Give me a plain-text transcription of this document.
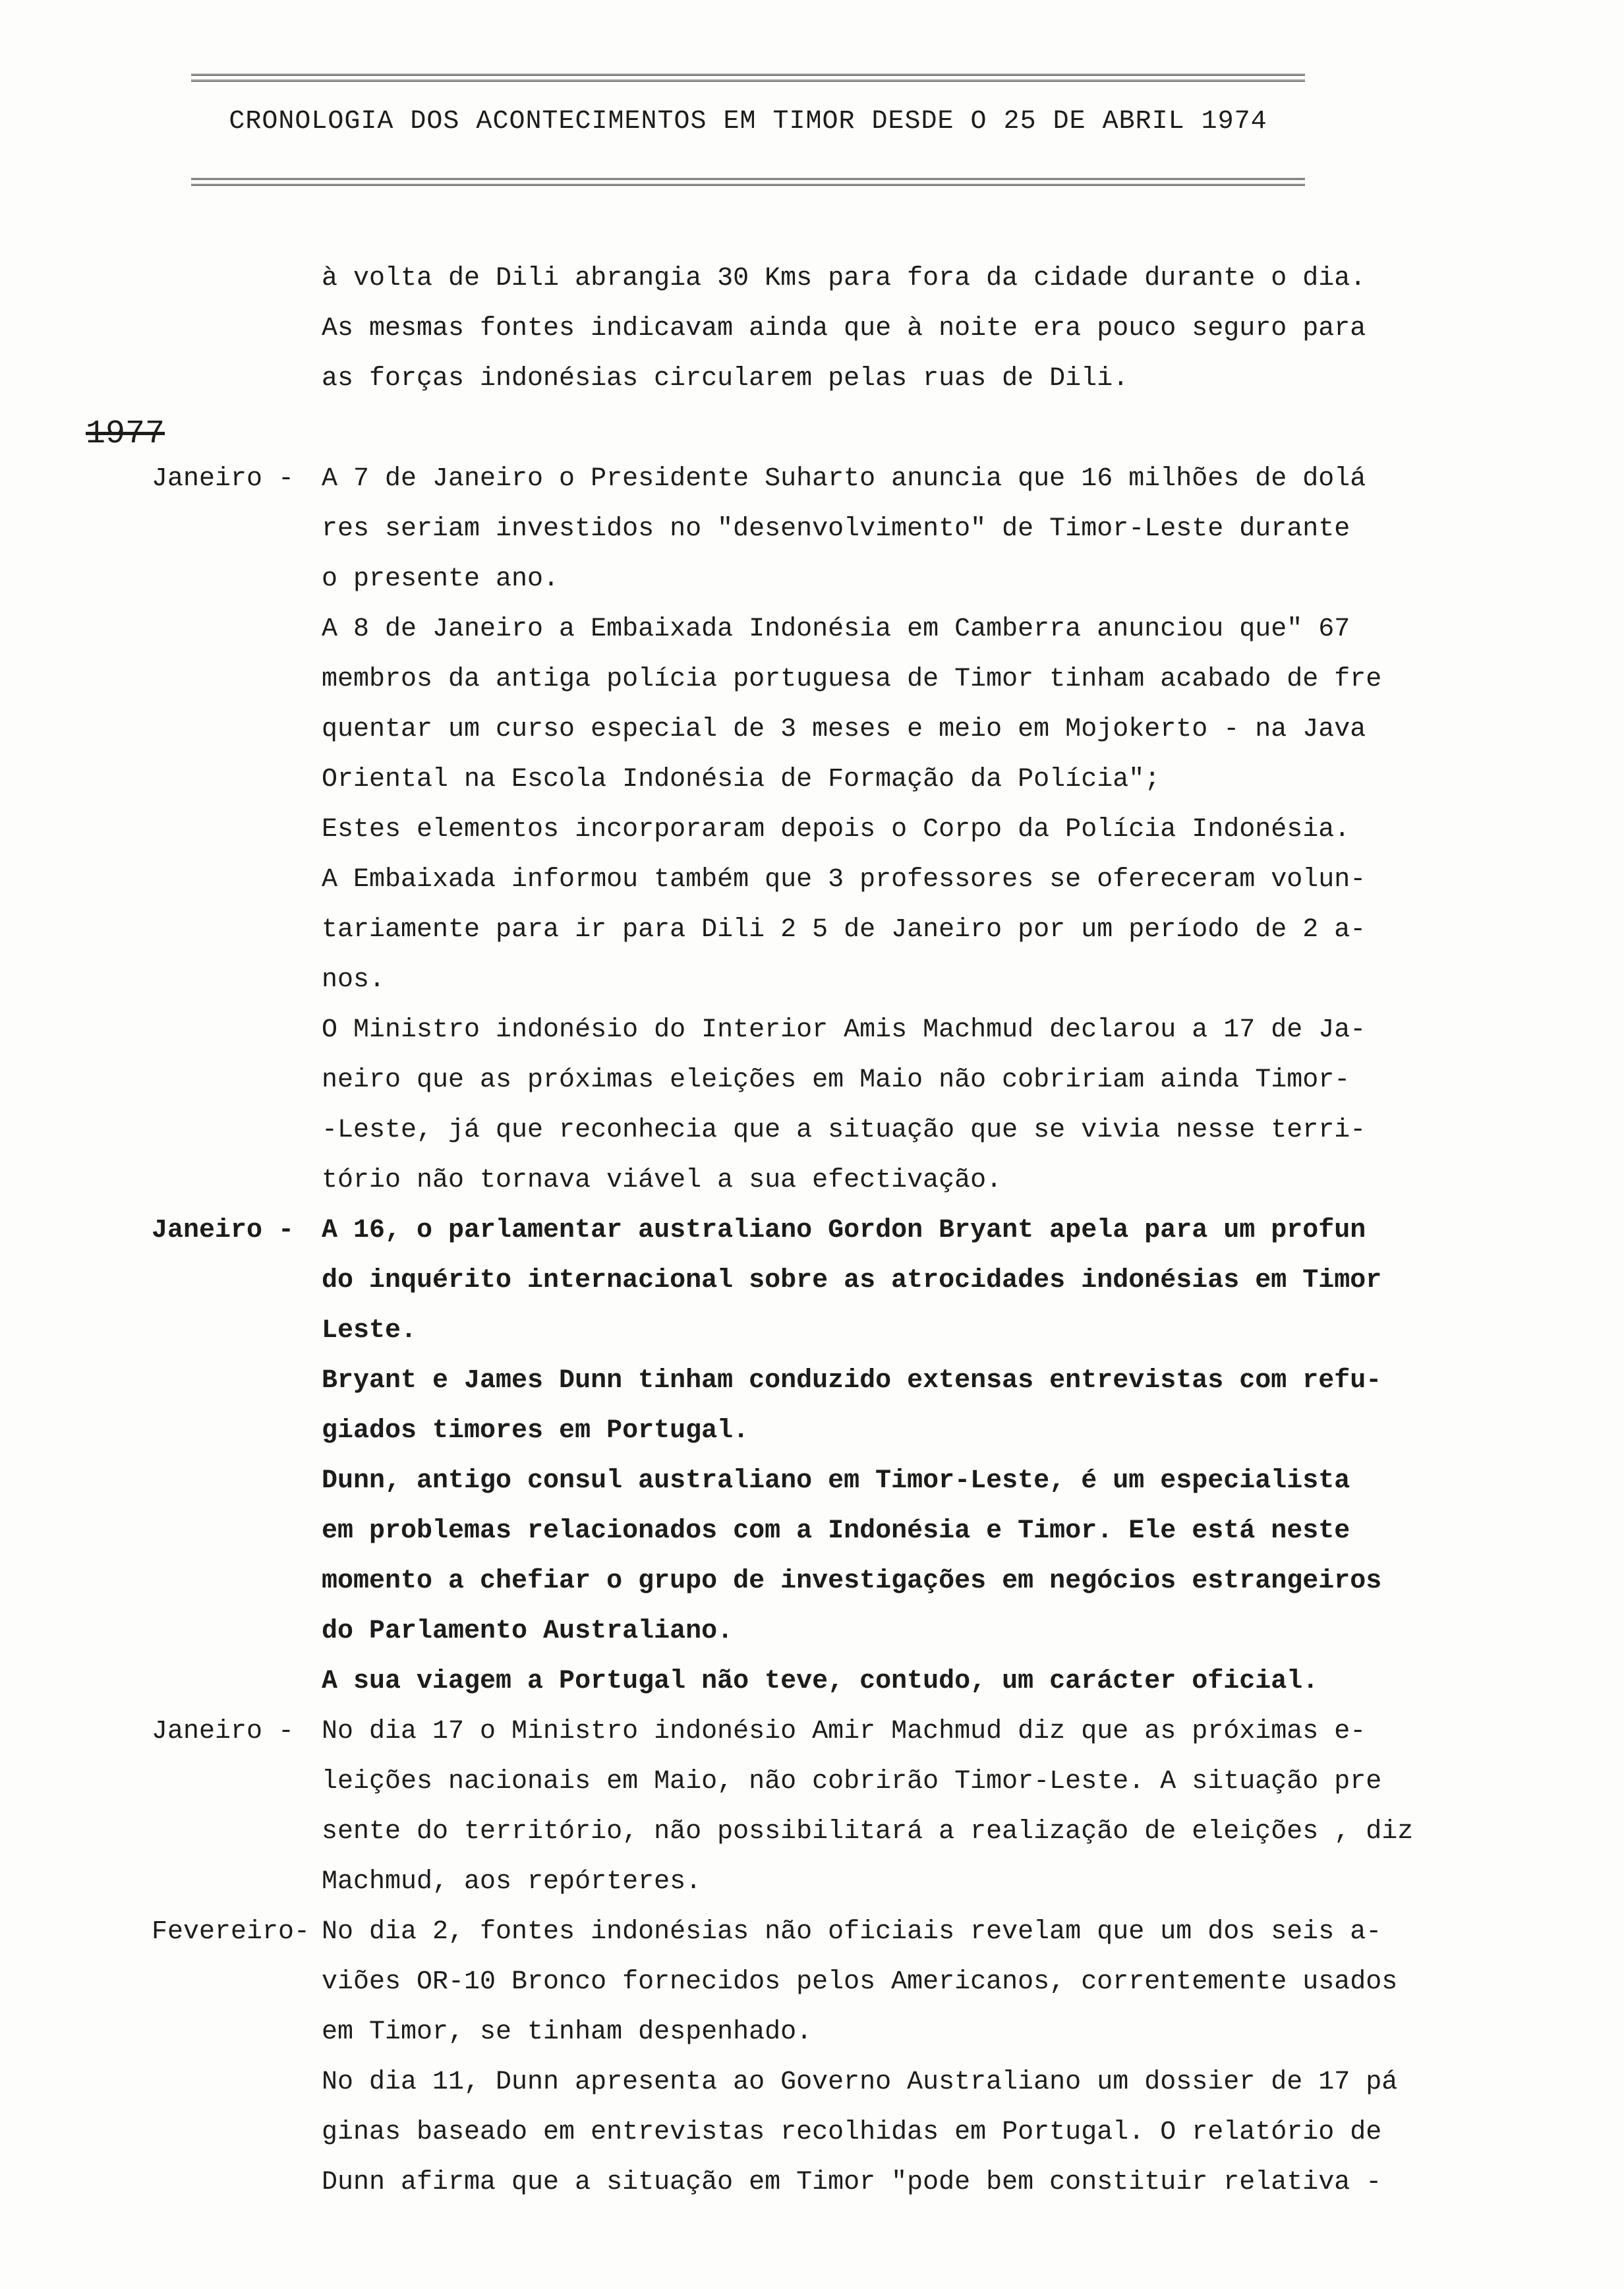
CRONOLOGIA DOS ACONTECIMENTOS EM TIMOR DESDE O 25 DE ABRIL 1974
1977
à volta de Dili abrangia 30 Kms para fora da cidade durante o dia.
As mesmas fontes indicavam ainda que à noite era pouco seguro para
as forças indonésias circularem pelas ruas de Dili.
Janeiro -	A 7 de Janeiro o Presidente Suharto anuncia que 16 milhões de dolá
res seriam investidos no "desenvolvimento" de Timor-Leste durante
o presente ano.
A 8 de Janeiro a Embaixada Indonésia em Camberra anunciou que" 67
membros da antiga polícia portuguesa de Timor tinham acabado de fre
quentar um curso especial de 3 meses e meio em Mojokerto - na Java
Oriental na Escola Indonésia de Formação da Polícia";
Estes elementos incorporaram depois o Corpo da Polícia Indonésia.
A Embaixada informou também que 3 professores se ofereceram volun-
tariamente para ir para Dili 2 5 de Janeiro por um período de 2 a-
nos.
O Ministro indonésio do Interior Amis Machmud declarou a 17 de Ja-
neiro que as próximas eleições em Maio não cobririam ainda Timor-
-Leste, já que reconhecia que a situação que se vivia nesse terri-
tório não tornava viável a sua efectivação.
Janeiro -	A 16, o parlamentar australiano Gordon Bryant apela para um profun
do inquérito internacional sobre as atrocidades indonésias em Timor
Leste.
Bryant e James Dunn tinham conduzido extensas entrevistas com refu-
giados timores em Portugal.
Dunn, antigo consul australiano em Timor-Leste, é um especialista
em problemas relacionados com a Indonésia e Timor. Ele está neste
momento a chefiar o grupo de investigações em negócios estrangeiros
do Parlamento Australiano.
A sua viagem a Portugal não teve, contudo, um carácter oficial.
Janeiro -	No dia 17 o Ministro indonésio Amir Machmud diz que as próximas e-
leições nacionais em Maio, não cobrirão Timor-Leste. A situação pre
sente do território, não possibilitará a realização de eleições , diz
Machmud, aos repórteres.
Fevereiro- No dia 2, fontes indonésias não oficiais revelam que um dos seis a-
viões OR-10 Bronco fornecidos pelos Americanos, correntemente usados
em Timor, se tinham despenhado.
No dia 11, Dunn apresenta ao Governo Australiano um dossier de 17 pá
ginas baseado em entrevistas recolhidas em Portugal. O relatório de
Dunn afirma que a situação em Timor "pode bem constituir relativa -
